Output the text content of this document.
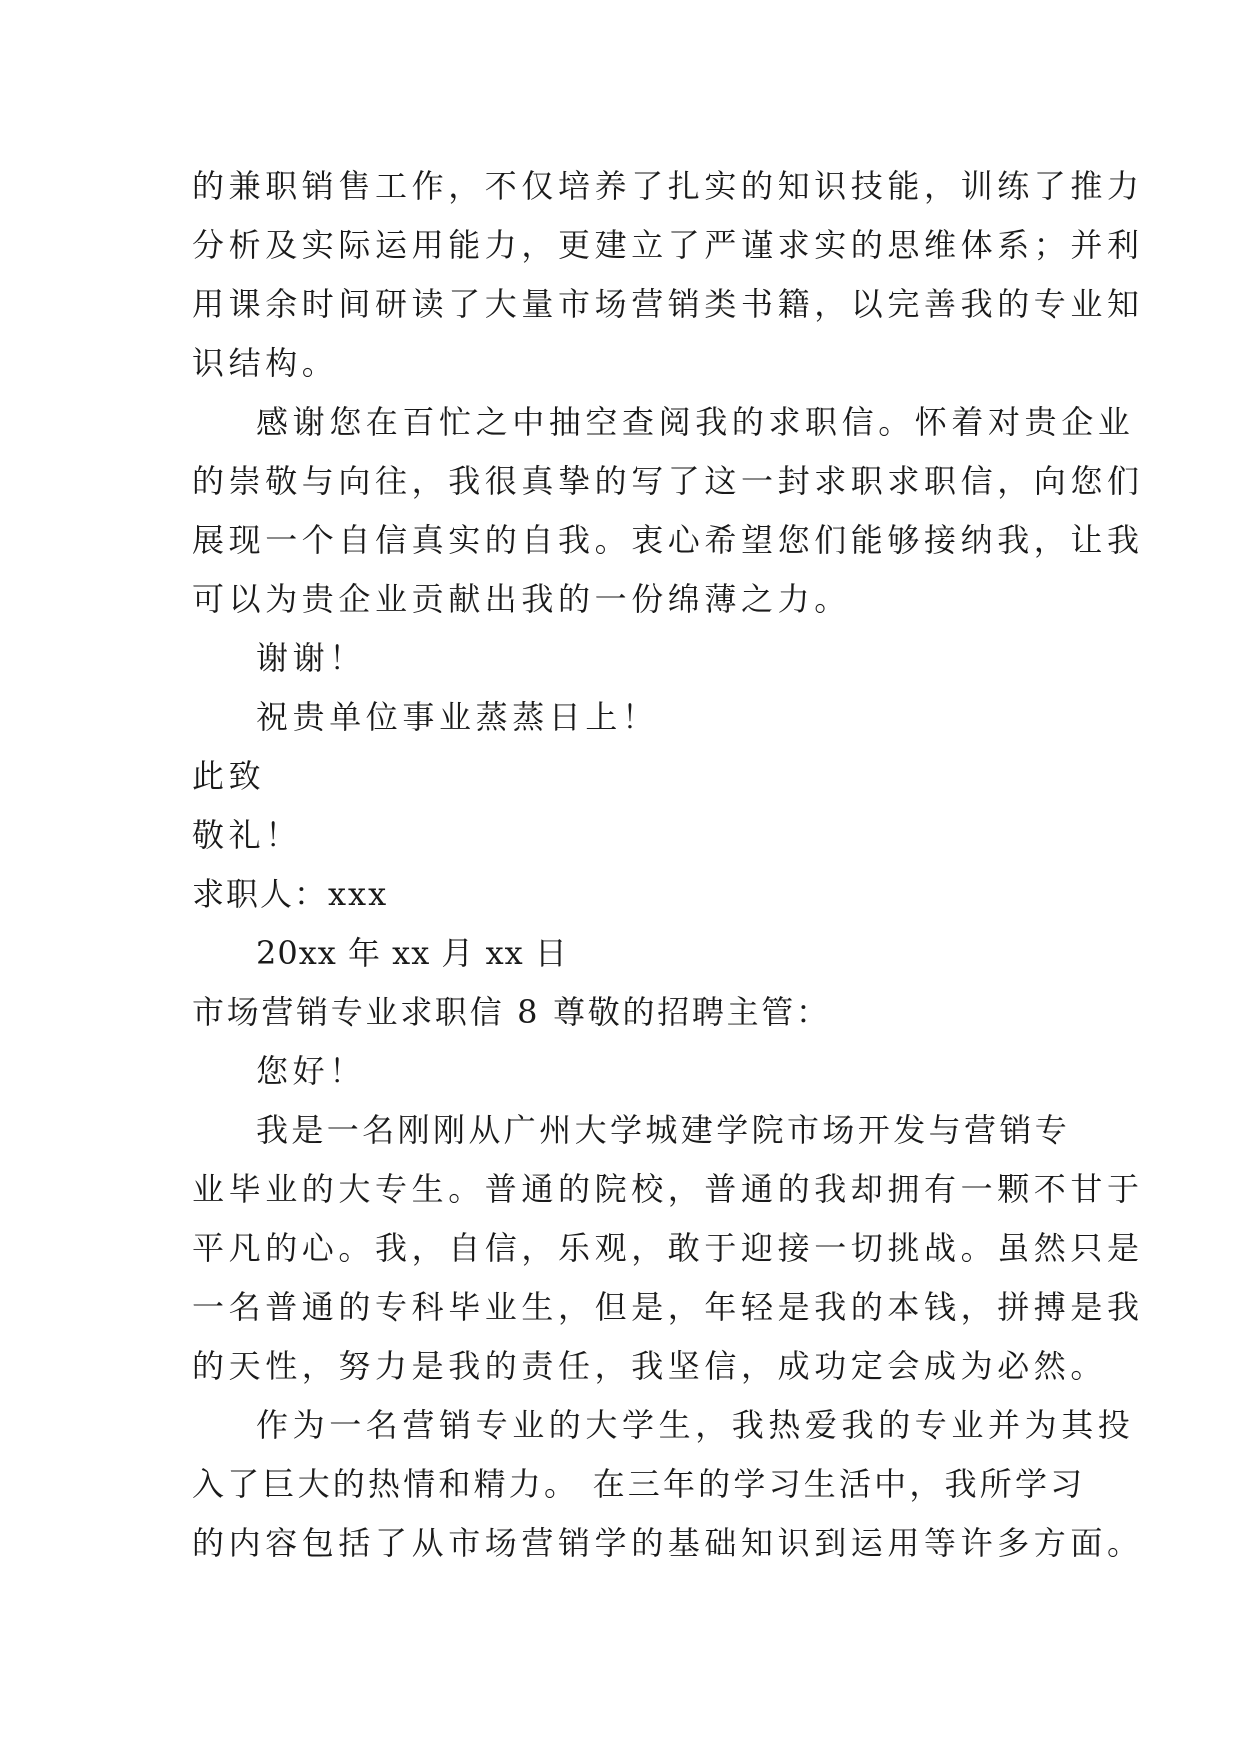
的兼职销售工作，不仅培养了扎实的知识技能，训练了推力
分析及实际运用能力，更建立了严谨求实的思维体系；并利
用课余时间研读了大量市场营销类书籍，以完善我的专业知
识结构。
感谢您在百忙之中抽空查阅我的求职信。怀着对贵企业
的崇敬与向往，我很真挚的写了这一封求职求职信，向您们
展现一个自信真实的自我。衷心希望您们能够接纳我，让我
可以为贵企业贡献出我的一份绵薄之力。
谢谢！
祝贵单位事业蒸蒸日上！
此致
敬礼！
求职人：xxx
20xx 年 xx 月 xx 日
市场营销专业求职信 8 尊敬的招聘主管：
您好！
我是一名刚刚从广州大学城建学院市场开发与营销专
业毕业的大专生。普通的院校，普通的我却拥有一颗不甘于
平凡的心。我，自信，乐观，敢于迎接一切挑战。虽然只是
一名普通的专科毕业生，但是，年轻是我的本钱，拼搏是我
的天性，努力是我的责任，我坚信，成功定会成为必然。
作为一名营销专业的大学生，我热爱我的专业并为其投
入了巨大的热情和精力。 在三年的学习生活中，我所学习
的内容包括了从市场营销学的基础知识到运用等许多方面。
